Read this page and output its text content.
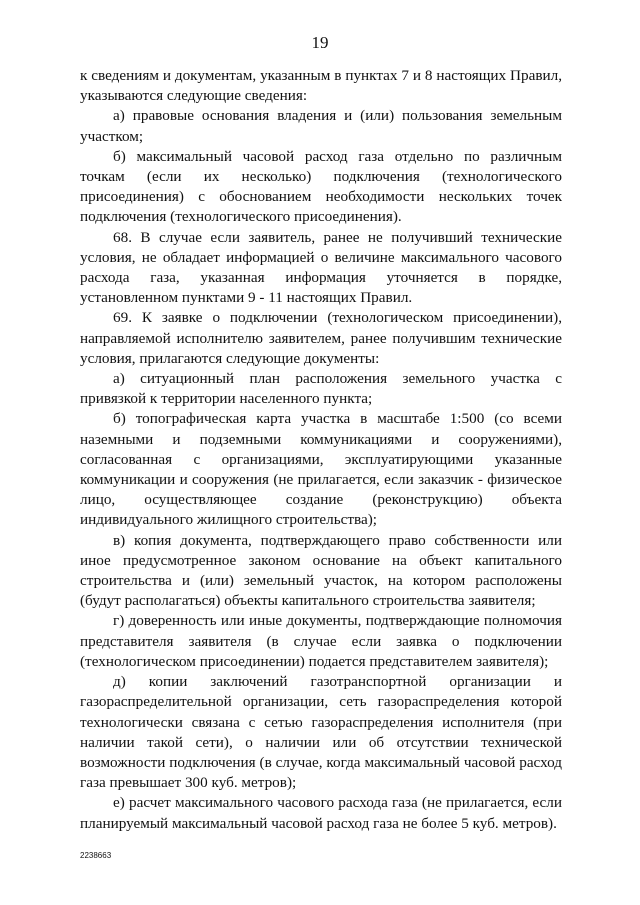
19

к сведениям и документам, указанным в пунктах 7 и 8 настоящих Правил, указываются следующие сведения:

а) правовые основания владения и (или) пользования земельным участком;

б) максимальный часовой расход газа отдельно по различным точкам (если их несколько) подключения (технологического присоединения) с обоснованием необходимости нескольких точек подключения (технологического присоединения).

68. В случае если заявитель, ранее не получивший технические условия, не обладает информацией о величине максимального часового расхода газа, указанная информация уточняется в порядке, установленном пунктами 9 - 11 настоящих Правил.

69. К заявке о подключении (технологическом присоединении), направляемой исполнителю заявителем, ранее получившим технические условия, прилагаются следующие документы:

а) ситуационный план расположения земельного участка с привязкой к территории населенного пункта;

б) топографическая карта участка в масштабе 1:500 (со всеми наземными и подземными коммуникациями и сооружениями), согласованная с организациями, эксплуатирующими указанные коммуникации и сооружения (не прилагается, если заказчик - физическое лицо, осуществляющее создание (реконструкцию) объекта индивидуального жилищного строительства);

в) копия документа, подтверждающего право собственности или иное предусмотренное законом основание на объект капитального строительства и (или) земельный участок, на котором расположены (будут располагаться) объекты капитального строительства заявителя;

г) доверенность или иные документы, подтверждающие полномочия представителя заявителя (в случае если заявка о подключении (технологическом присоединении) подается представителем заявителя);

д) копии заключений газотранспортной организации и газораспределительной организации, сеть газораспределения которой технологически связана с сетью газораспределения исполнителя (при наличии такой сети), о наличии или об отсутствии технической возможности подключения (в случае, когда максимальный часовой расход газа превышает 300 куб. метров);

е) расчет максимального часового расхода газа (не прилагается, если планируемый максимальный часовой расход газа не более 5 куб. метров).

2238663
